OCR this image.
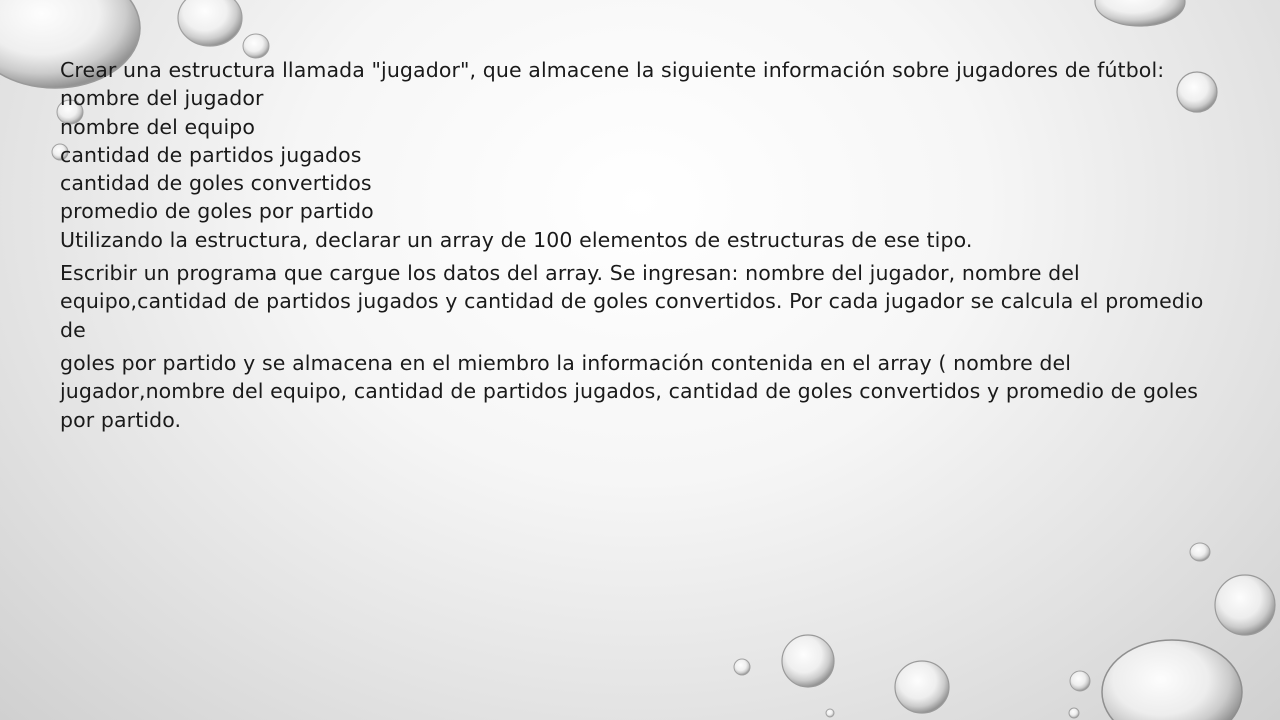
Crear una estructura llamada "jugador", que almacene la siguiente información sobre jugadores de fútbol:

nombre del jugador

nombre del equipo

cantidad de partidos jugados

cantidad de goles convertidos

promedio de goles por partido

Utilizando la estructura, declarar un array de 100 elementos de estructuras de ese tipo.

Escribir un programa que cargue los datos del array. Se ingresan: nombre del jugador, nombre del equipo,cantidad de partidos jugados y cantidad de goles convertidos. Por cada jugador se calcula el promedio de

goles por partido y se almacena en el miembro la información contenida en el array ( nombre del jugador,nombre del equipo, cantidad de partidos jugados, cantidad de goles convertidos y promedio de goles por partido.
